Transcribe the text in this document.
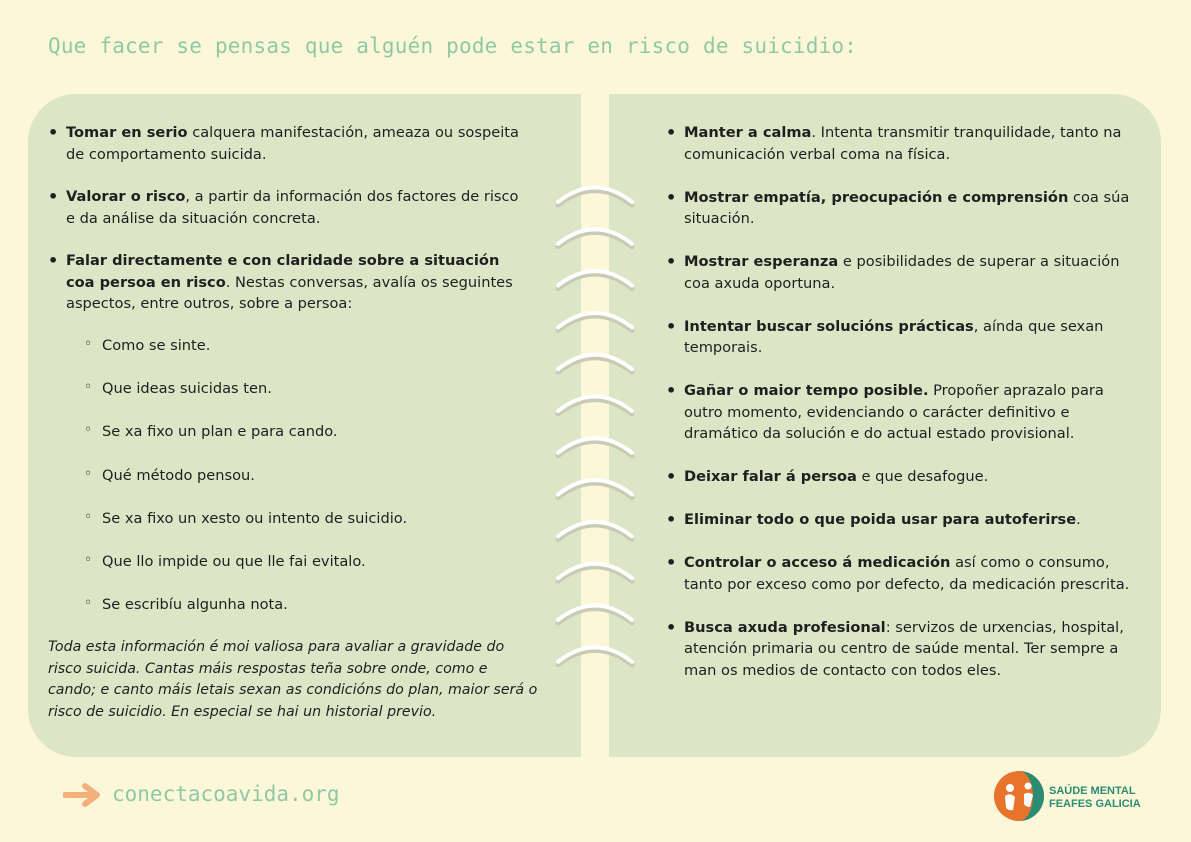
Que facer se pensas que alguén pode estar en risco de suicidio:
• Tomar en serio calquera manifestación, ameaza ou sospeita de comportamento suicida.
• Valorar o risco, a partir da información dos factores de risco e da análise da situación concreta.
• Falar directamente e con claridade sobre a situación coa persoa en risco. Nestas conversas, avalía os seguintes aspectos, entre outros, sobre a persoa:
◦ Como se sinte.
◦ Que ideas suicidas ten.
◦ Se xa fixo un plan e para cando.
◦ Qué método pensou.
◦ Se xa fixo un xesto ou intento de suicidio.
◦ Que llo impide ou que lle fai evitalo.
◦ Se escribíu algunha nota.

Toda esta información é moi valiosa para avaliar a gravidade do risco suicida. Cantas máis respostas teña sobre onde, como e cando; e canto máis letais sexan as condicións do plan, maior será o risco de suicidio. En especial se hai un historial previo.

• Manter a calma. Intenta transmitir tranquilidade, tanto na comunicación verbal coma na física.
• Mostrar empatía, preocupación e comprensión coa súa situación.
• Mostrar esperanza e posibilidades de superar a situación coa axuda oportuna.
• Intentar buscar solucións prácticas, aínda que sexan temporais.
• Gañar o maior tempo posible. Propoñer aprazalo para outro momento, evidenciando o carácter definitivo e dramático da solución e do actual estado provisional.
• Deixar falar á persoa e que desafogue.
• Eliminar todo o que poida usar para autoferirse.
• Controlar o acceso á medicación así como o consumo, tanto por exceso como por defecto, da medicación prescrita.
• Busca axuda profesional: servizos de urxencias, hospital, atención primaria ou centro de saúde mental. Ter sempre a man os medios de contacto con todos eles.
conectacoavida.org	SAÚDE MENTAL
FEAFES GALICIA
